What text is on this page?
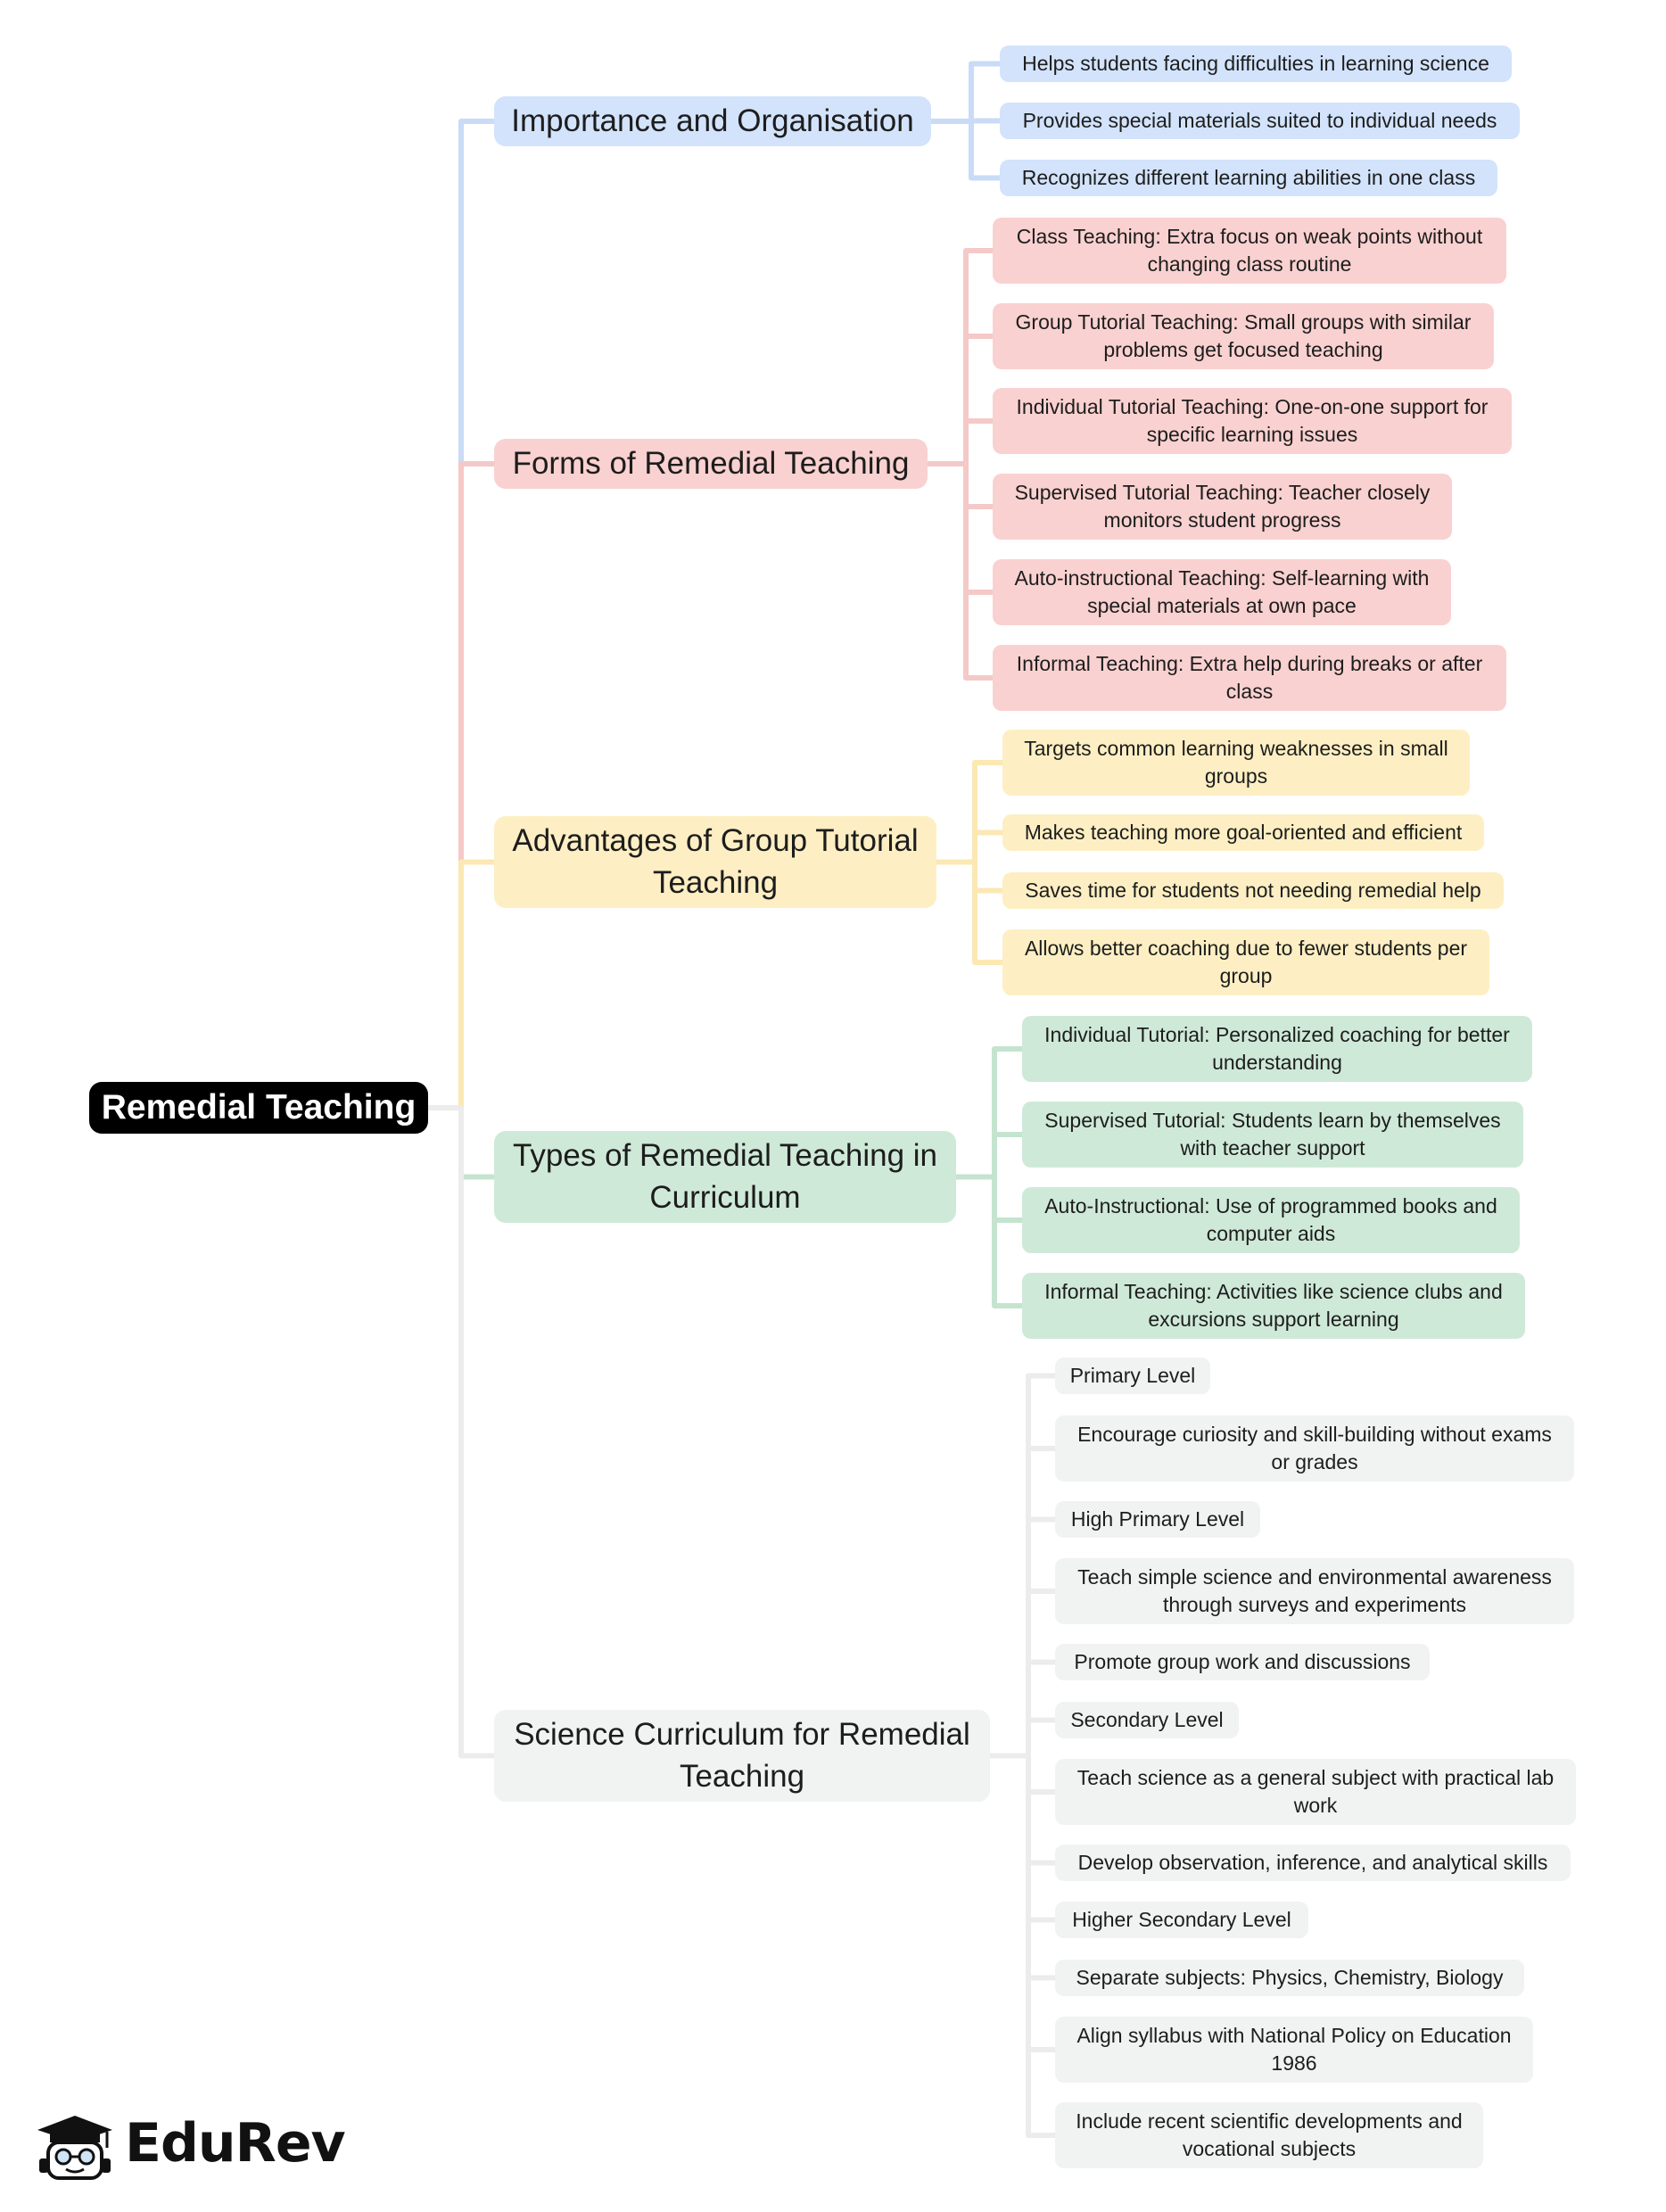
Remedial Teaching
Importance and Organisation
Helps students facing difficulties in learning science
Provides special materials suited to individual needs
Recognizes different learning abilities in one class
Forms of Remedial Teaching
Class Teaching: Extra focus on weak points without changing class routine
Group Tutorial Teaching: Small groups with similar problems get focused teaching
Individual Tutorial Teaching: One-on-one support for specific learning issues
Supervised Tutorial Teaching: Teacher closely monitors student progress
Auto-instructional Teaching: Self-learning with special materials at own pace
Informal Teaching: Extra help during breaks or after class
Advantages of Group Tutorial Teaching
Targets common learning weaknesses in small groups
Makes teaching more goal-oriented and efficient
Saves time for students not needing remedial help
Allows better coaching due to fewer students per group
Types of Remedial Teaching in Curriculum
Individual Tutorial: Personalized coaching for better understanding
Supervised Tutorial: Students learn by themselves with teacher support
Auto-Instructional: Use of programmed books and computer aids
Informal Teaching: Activities like science clubs and excursions support learning
Science Curriculum for Remedial Teaching
Primary Level
Encourage curiosity and skill-building without exams or grades
High Primary Level
Teach simple science and environmental awareness through surveys and experiments
Promote group work and discussions
Secondary Level
Teach science as a general subject with practical lab work
Develop observation, inference, and analytical skills
Higher Secondary Level
Separate subjects: Physics, Chemistry, Biology
Align syllabus with National Policy on Education 1986
Include recent scientific developments and vocational subjects
EduRev
